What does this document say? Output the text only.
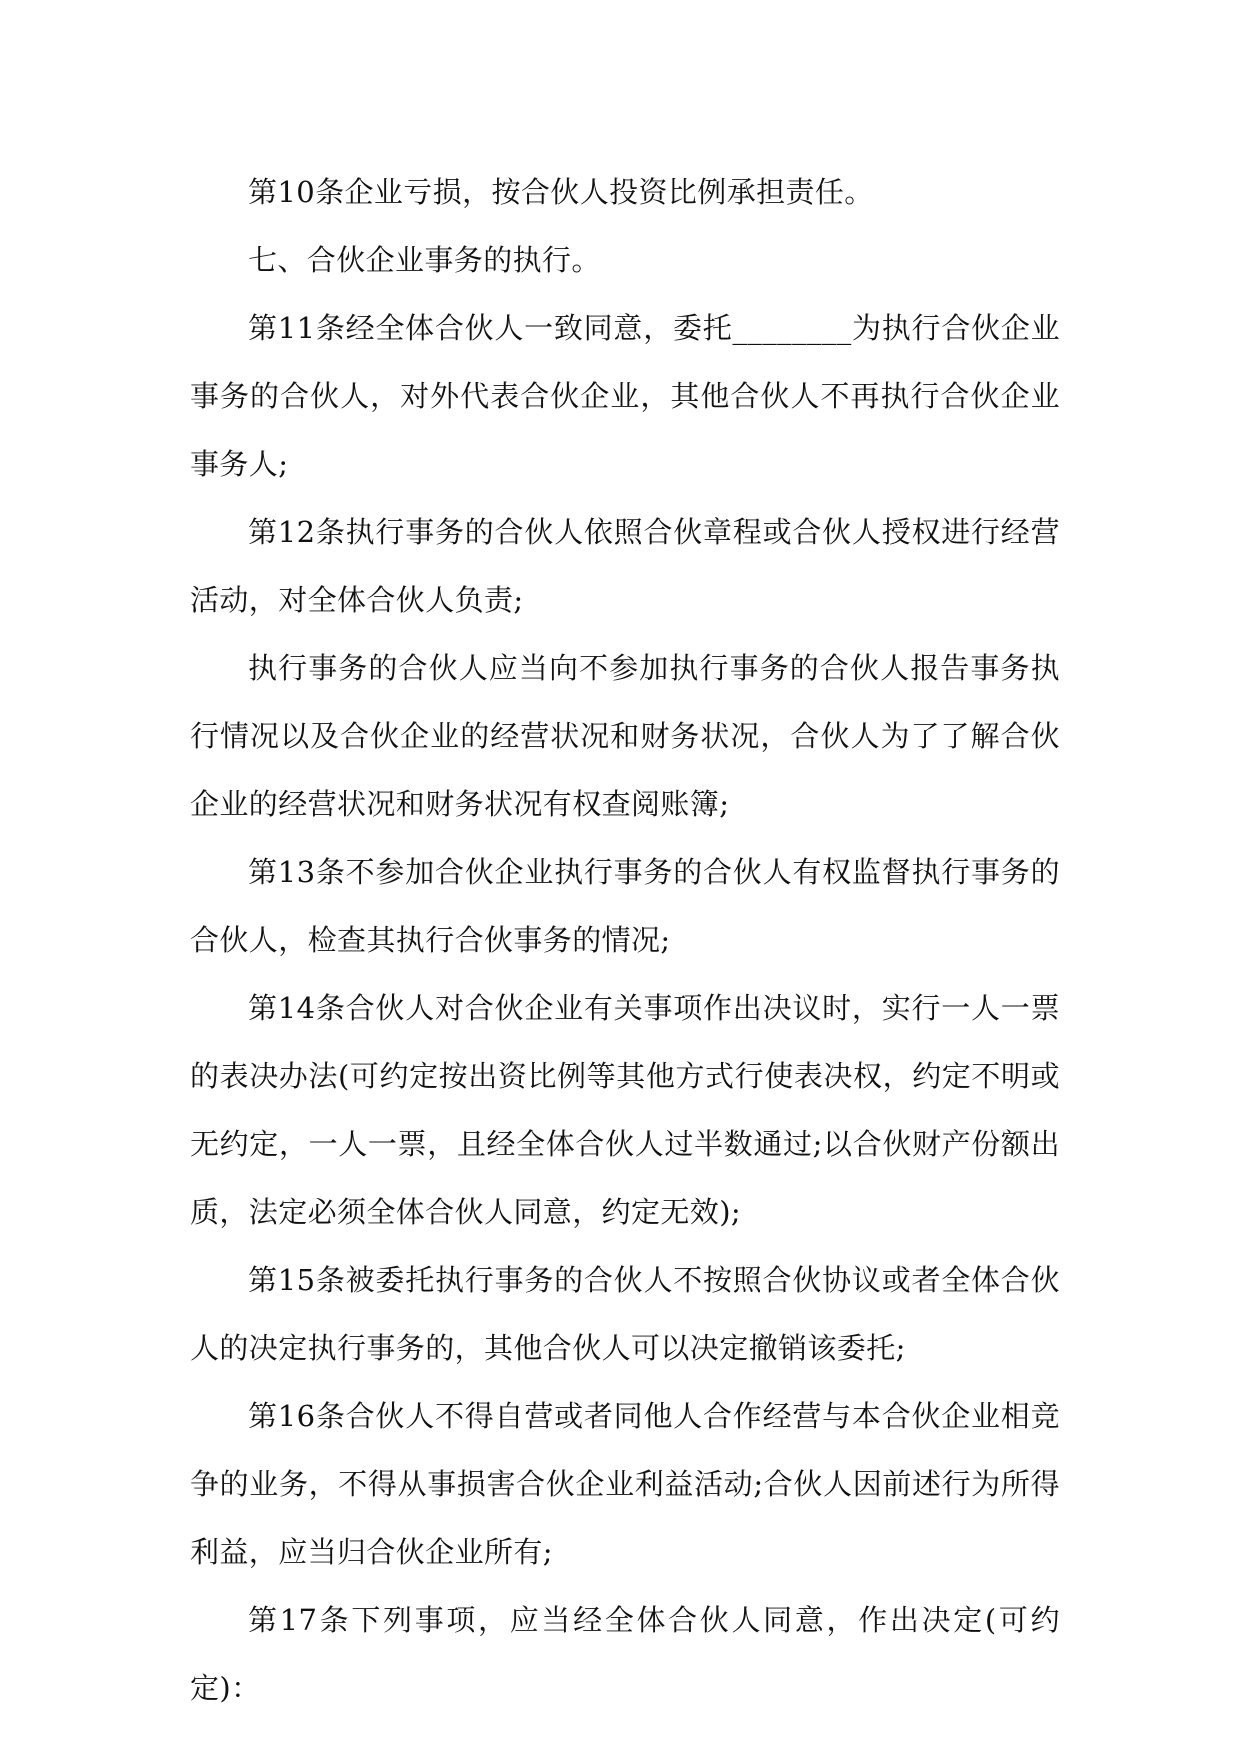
第10条企业亏损，按合伙人投资比例承担责任。

七、合伙企业事务的执行。

第11条经全体合伙人一致同意，委托________为执行合伙企业事务的合伙人，对外代表合伙企业，其他合伙人不再执行合伙企业事务人;

第12条执行事务的合伙人依照合伙章程或合伙人授权进行经营活动，对全体合伙人负责;

执行事务的合伙人应当向不参加执行事务的合伙人报告事务执行情况以及合伙企业的经营状况和财务状况，合伙人为了了解合伙企业的经营状况和财务状况有权查阅账簿;

第13条不参加合伙企业执行事务的合伙人有权监督执行事务的合伙人，检查其执行合伙事务的情况;

第14条合伙人对合伙企业有关事项作出决议时，实行一人一票的表决办法(可约定按出资比例等其他方式行使表决权，约定不明或无约定，一人一票，且经全体合伙人过半数通过;以合伙财产份额出质，法定必须全体合伙人同意，约定无效);

第15条被委托执行事务的合伙人不按照合伙协议或者全体合伙人的决定执行事务的，其他合伙人可以决定撤销该委托;

第16条合伙人不得自营或者同他人合作经营与本合伙企业相竞争的业务，不得从事损害合伙企业利益活动;合伙人因前述行为所得利益，应当归合伙企业所有;

第17条下列事项，应当经全体合伙人同意，作出决定(可约定)：
